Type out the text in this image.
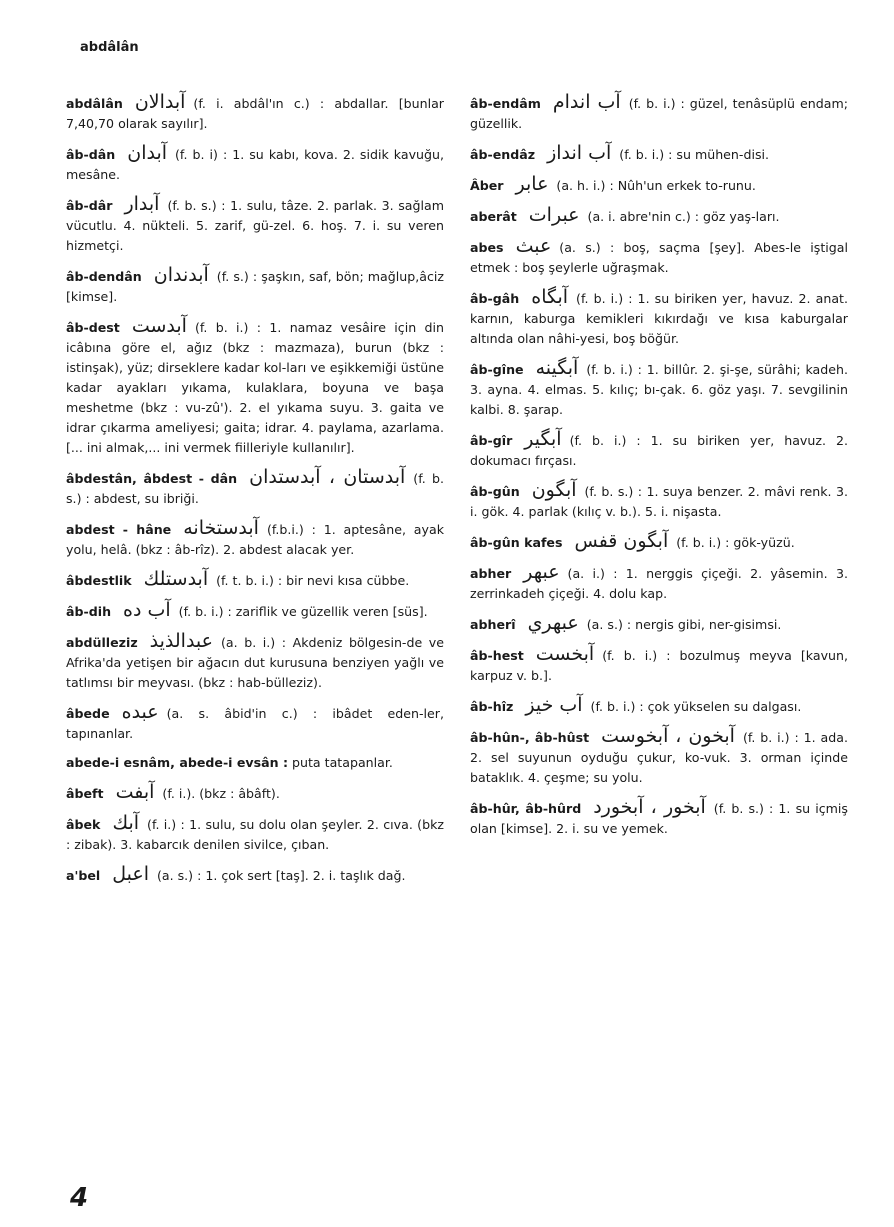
abdâlân
abdâlân آبدالان (f. i. abdâl'ın c.) : abdallar. [bunlar 7,40,70 olarak sayılır].
âb-dân آبدان (f. b. i) : 1. su kabı, kova. 2. sidik kavuğu, mesâne.
âb-dâr آبدار (f. b. s.) : 1. sulu, tâze. 2. parlak. 3. sağlam vücutlu. 4. nükteli. 5. zarif, gü-zel. 6. hoş. 7. i. su veren hizmetçi.
âb-dendân آبدندان (f. s.) : şaşkın, saf, bön; mağlup,âciz [kimse].
âb-dest آبدست (f. b. i.) : 1. namaz vesâire için din icâbına göre el, ağız (bkz : mazmaza), burun (bkz : istinşak), yüz; dirseklere kadar kol-ları ve eşikkemiği üstüne kadar ayakları yıkama, kulaklara, boyuna ve başa meshetme (bkz : vu-zû'). 2. el yıkama suyu. 3. gaita ve idrar çıkarma ameliyesi; gaita; idrar. 4. paylama, azarlama. [... ini almak,... ini vermek fiilleriyle kullanılır].
âbdestân, âbdest - dân آبدستان ، آبدستدان (f. b. s.) : abdest, su ibriği.
abdest - hâne آبدستخانه (f.b.i.) : 1. aptesâne, ayak yolu, helâ. (bkz : âb-rîz). 2. abdest alacak yer.
âbdestlik آبدستلك (f. t. b. i.) : bir nevi kısa cübbe.
âb-dih آب ده (f. b. i.) : zariflik ve güzellik veren [süs].
abdülleziz عبدالذيذ (a. b. i.) : Akdeniz bölgesin-de ve Afrika'da yetişen bir ağacın dut kurusuna benziyen yağlı ve tatlımsı bir meyvası. (bkz : hab-bülleziz).
âbede عبده (a. s. âbid'in c.) : ibâdet eden-ler, tapınanlar.
abede-i esnâm, abede-i evsân : puta tatapanlar.
âbeft آبفت (f. i.). (bkz : âbâft).
âbek آبك (f. i.) : 1. sulu, su dolu olan şeyler. 2. cıva. (bkz : zibak). 3. kabarcık denilen sivilce, çıban.
a'bel اعبل (a. s.) : 1. çok sert [taş]. 2. i. taşlık dağ.
âb-endâm آب اندام (f. b. i.) : güzel, tenâsüplü endam; güzellik.
âb-endâz آب انداز (f. b. i.) : su mühen-disi.
Âber عابر (a. h. i.) : Nûh'un erkek to-runu.
aberât عبرات (a. i. abre'nin c.) : göz yaş-ları.
abes عبث (a. s.) : boş, saçma [şey]. Abes-le iştigal etmek : boş şeylerle uğraşmak.
âb-gâh آبگاه (f. b. i.) : 1. su biriken yer, havuz. 2. anat. karnın, kaburga kemikleri kıkırdağı ve kısa kaburgalar altında olan nâhi-yesi, boş böğür.
âb-gîne آبگينه (f. b. i.) : 1. billûr. 2. şi-şe, sürâhi; kadeh. 3. ayna. 4. elmas. 5. kılıç; bı-çak. 6. göz yaşı. 7. sevgilinin kalbi. 8. şarap.
âb-gîr آبگير (f. b. i.) : 1. su biriken yer, havuz. 2. dokumacı fırçası.
âb-gûn آبگون (f. b. s.) : 1. suya benzer. 2. mâvi renk. 3. i. gök. 4. parlak (kılıç v. b.). 5. i. nişasta.
âb-gûn kafes آبگون قفس (f. b. i.) : gök-yüzü.
abher عبهر (a. i.) : 1. nerggis çiçeği. 2. yâsemin. 3. zerrinkadeh çiçeği. 4. dolu kap.
abherî عبهري (a. s.) : nergis gibi, ner-gisimsi.
âb-hest آبخست (f. b. i.) : bozulmuş meyva [kavun, karpuz v. b.].
âb-hîz آب خيز (f. b. i.) : çok yükselen su dalgası.
âb-hûn-, âb-hûst آبخون ، آبخوست (f. b. i.) : 1. ada. 2. sel suyunun oyduğu çukur, ko-vuk. 3. orman içinde bataklık. 4. çeşme; su yolu.
âb-hûr, âb-hûrd آبخور ، آبخورد (f. b. s.) : 1. su içmiş olan [kimse]. 2. i. su ve yemek.
4
